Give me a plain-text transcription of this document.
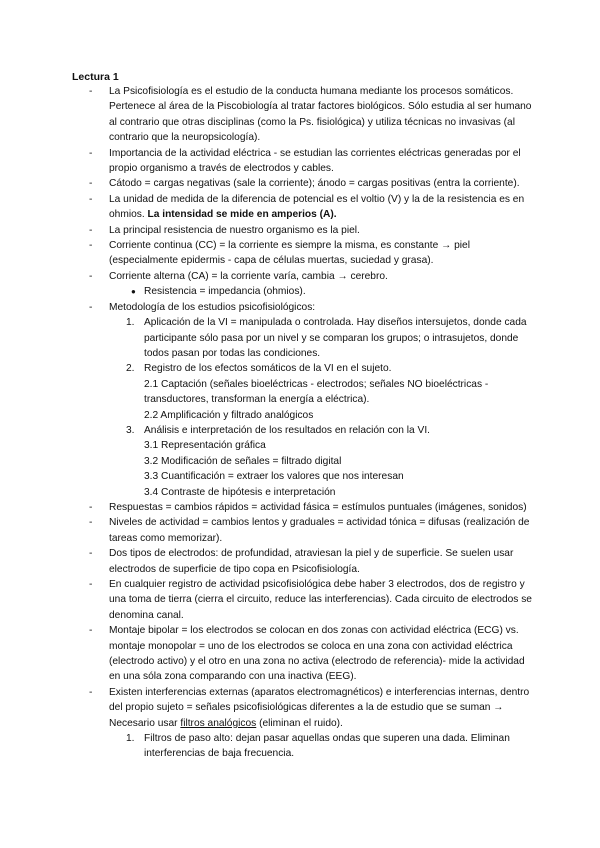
Lectura 1
- La Psicofisiología es el estudio de la conducta humana mediante los procesos somáticos. Pertenece al área de la Piscobiología al tratar factores biológicos. Sólo estudia al ser humano al contrario que otras disciplinas (como la Ps. fisiológica) y utiliza técnicas no invasivas (al contrario que la neuropsicología).
- Importancia de la actividad eléctrica - se estudian las corrientes eléctricas generadas por el propio organismo a través de electrodos y cables.
- Cátodo = cargas negativas (sale la corriente); ánodo = cargas positivas (entra la corriente).
- La unidad de medida de la diferencia de potencial es el voltio (V) y la de la resistencia es en ohmios. La intensidad se mide en amperios (A).
- La principal resistencia de nuestro organismo es la piel.
- Corriente continua (CC) = la corriente es siempre la misma, es constante → piel (especialmente epidermis - capa de células muertas, suciedad y grasa).
- Corriente alterna (CA) = la corriente varía, cambia → cerebro.
● Resistencia = impedancia (ohmios).
- Metodología de los estudios psicofisiológicos:
1. Aplicación de la VI = manipulada o controlada. Hay diseños intersujetos, donde cada participante sólo pasa por un nivel y se comparan los grupos; o intrasujetos, donde todos pasan por todas las condiciones.
2. Registro de los efectos somáticos de la VI en el sujeto.
2.1 Captación (señales bioeléctricas - electrodos; señales NO bioeléctricas - transductores, transforman la energía a eléctrica).
2.2 Amplificación y filtrado analógicos
3. Análisis e interpretación de los resultados en relación con la VI.
3.1 Representación gráfica
3.2 Modificación de señales = filtrado digital
3.3 Cuantificación = extraer los valores que nos interesan
3.4 Contraste de hipótesis e interpretación
- Respuestas = cambios rápidos = actividad fásica = estímulos puntuales (imágenes, sonidos)
- Niveles de actividad = cambios lentos y graduales = actividad tónica = difusas (realización de tareas como memorizar).
- Dos tipos de electrodos: de profundidad, atraviesan la piel y de superficie. Se suelen usar electrodos de superficie de tipo copa en Psicofisiología.
- En cualquier registro de actividad psicofisiológica debe haber 3 electrodos, dos de registro y una toma de tierra (cierra el circuito, reduce las interferencias). Cada circuito de electrodos se denomina canal.
- Montaje bipolar = los electrodos se colocan en dos zonas con actividad eléctrica (ECG) vs. montaje monopolar = uno de los electrodos se coloca en una zona con actividad eléctrica (electrodo activo) y el otro en una zona no activa (electrodo de referencia)- mide la actividad en una sóla zona comparando con una inactiva (EEG).
- Existen interferencias externas (aparatos electromagnéticos) e interferencias internas, dentro del propio sujeto = señales psicofisiológicas diferentes a la de estudio que se suman → Necesario usar filtros analógicos (eliminan el ruido).
1. Filtros de paso alto: dejan pasar aquellas ondas que superen una dada. Eliminan interferencias de baja frecuencia.
